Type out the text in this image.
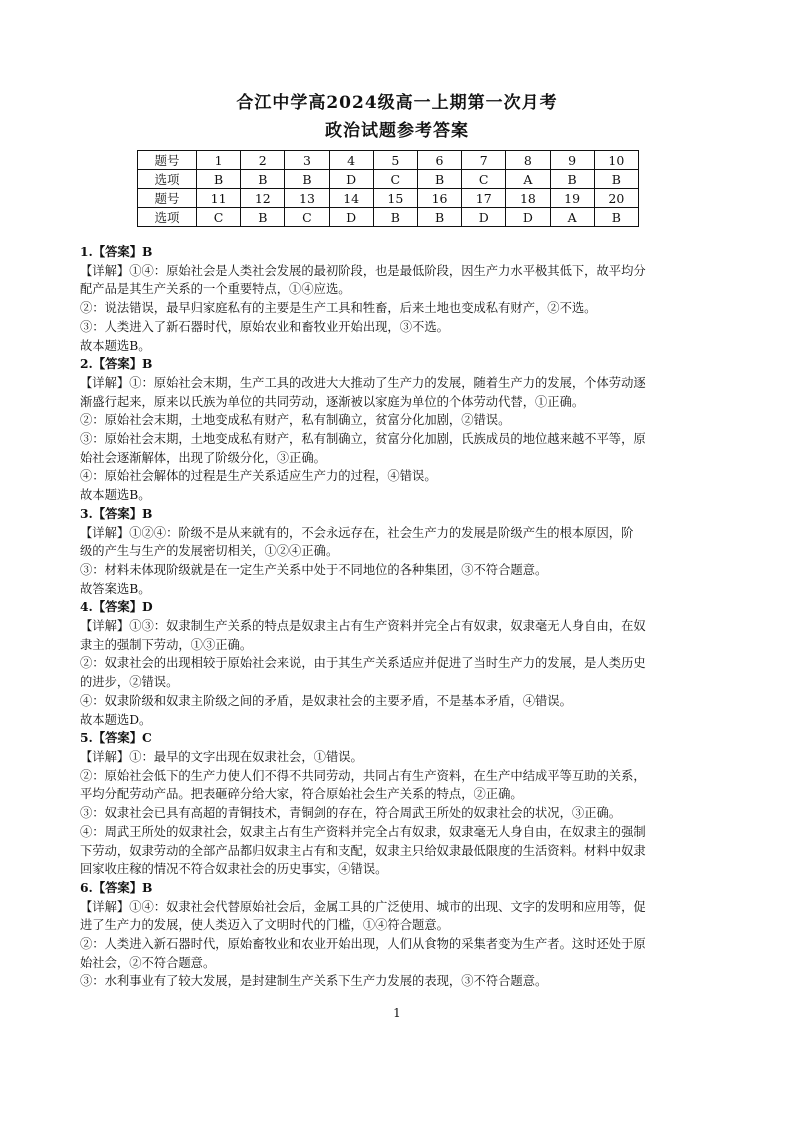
合江中学高2024级高一上期第一次月考
政治试题参考答案
题号	1	2	3	4	5	6	7	8	9	10
选项	B	B	B	D	C	B	C	A	B	B
题号	11	12	13	14	15	16	17	18	19	20
选项	C	B	C	D	B	B	D	D	A	B

1.【答案】B

【详解】①④：原始社会是人类社会发展的最初阶段，也是最低阶段，因生产力水平极其低下，故平均分

配产品是其生产关系的一个重要特点，①④应选。

②：说法错误，最早归家庭私有的主要是生产工具和牲畜，后来土地也变成私有财产，②不选。

③：人类进入了新石器时代，原始农业和畜牧业开始出现，③不选。

故本题选B。

2.【答案】B

【详解】①：原始社会末期，生产工具的改进大大推动了生产力的发展，随着生产力的发展，个体劳动逐

渐盛行起来，原来以氏族为单位的共同劳动，逐渐被以家庭为单位的个体劳动代替，①正确。

②：原始社会末期，土地变成私有财产，私有制确立，贫富分化加剧，②错误。

③：原始社会末期，土地变成私有财产，私有制确立，贫富分化加剧，氏族成员的地位越来越不平等，原

始社会逐渐解体，出现了阶级分化，③正确。

④：原始社会解体的过程是生产关系适应生产力的过程，④错误。

故本题选B。

3.【答案】B

【详解】①②④：阶级不是从来就有的，不会永远存在，社会生产力的发展是阶级产生的根本原因，阶

级的产生与生产的发展密切相关，①②④正确。

③：材料未体现阶级就是在一定生产关系中处于不同地位的各种集团，③不符合题意。

故答案选B。

4.【答案】D

【详解】①③：奴隶制生产关系的特点是奴隶主占有生产资料并完全占有奴隶，奴隶毫无人身自由，在奴

隶主的强制下劳动，①③正确。

②：奴隶社会的出现相较于原始社会来说，由于其生产关系适应并促进了当时生产力的发展，是人类历史

的进步，②错误。

④：奴隶阶级和奴隶主阶级之间的矛盾，是奴隶社会的主要矛盾，不是基本矛盾，④错误。

故本题选D。

5.【答案】C

【详解】①：最早的文字出现在奴隶社会，①错误。

②：原始社会低下的生产力使人们不得不共同劳动，共同占有生产资料，在生产中结成平等互助的关系，

平均分配劳动产品。把表砸碎分给大家，符合原始社会生产关系的特点，②正确。

③：奴隶社会已具有高超的青铜技术，青铜剑的存在，符合周武王所处的奴隶社会的状况，③正确。

④：周武王所处的奴隶社会，奴隶主占有生产资料并完全占有奴隶，奴隶毫无人身自由，在奴隶主的强制

下劳动，奴隶劳动的全部产品都归奴隶主占有和支配，奴隶主只给奴隶最低限度的生活资料。材料中奴隶

回家收庄稼的情况不符合奴隶社会的历史事实，④错误。

6.【答案】B

【详解】①④：奴隶社会代替原始社会后，金属工具的广泛使用、城市的出现、文字的发明和应用等，促

进了生产力的发展，使人类迈入了文明时代的门槛，①④符合题意。

②：人类进入新石器时代，原始畜牧业和农业开始出现，人们从食物的采集者变为生产者。这时还处于原

始社会，②不符合题意。

③：水利事业有了较大发展，是封建制生产关系下生产力发展的表现，③不符合题意。

1
